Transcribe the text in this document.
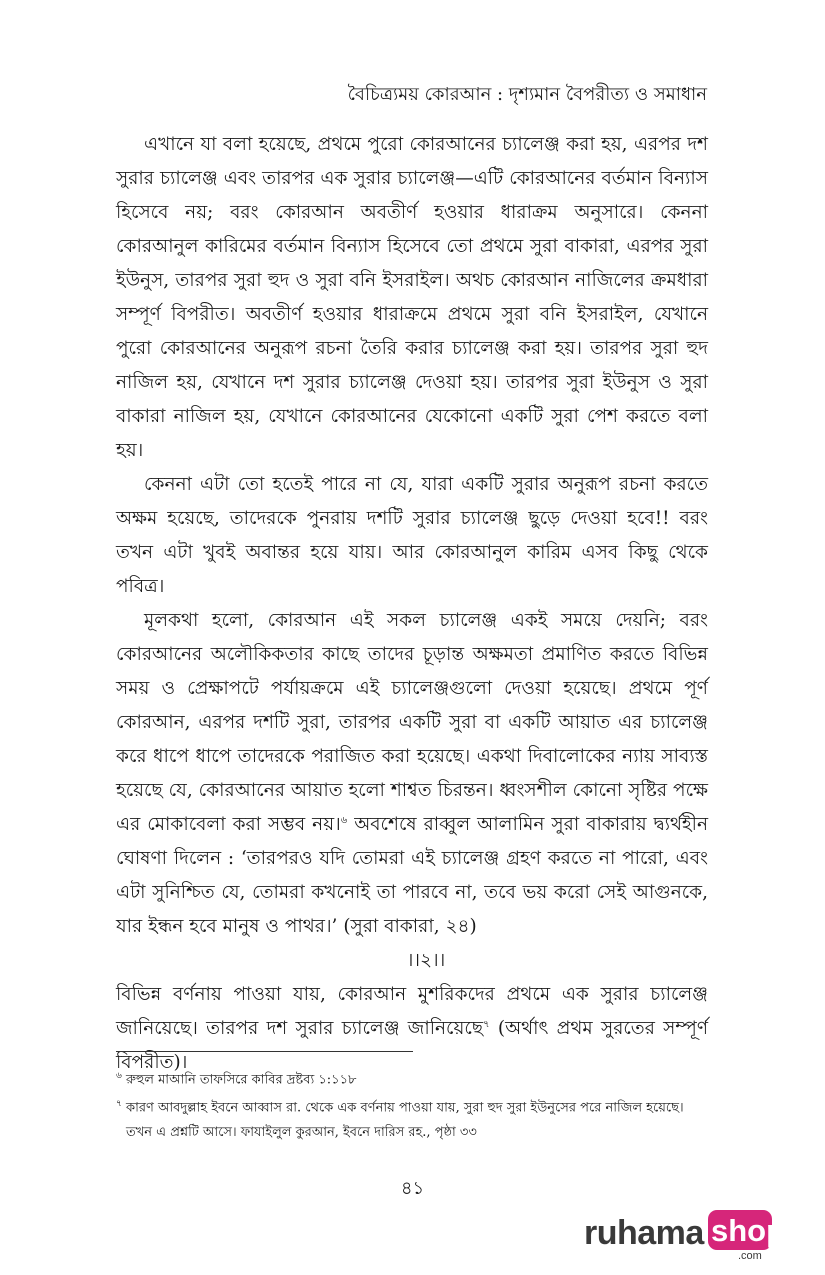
বৈচিত্র্যময় কোরআন : দৃশ্যমান বৈপরীত্য ও সমাধান

এখানে যা বলা হয়েছে, প্রথমে পুরো কোরআনের চ্যালেঞ্জ করা হয়, এরপর দশ সুরার চ্যালেঞ্জ এবং তারপর এক সুরার চ্যালেঞ্জ—এটি কোরআনের বর্তমান বিন্যাস হিসেবে নয়; বরং কোরআন অবতীর্ণ হওয়ার ধারাক্রম অনুসারে। কেননা কোরআনুল কারিমের বর্তমান বিন্যাস হিসেবে তো প্রথমে সুরা বাকারা, এরপর সুরা ইউনুস, তারপর সুরা হুদ ও সুরা বনি ইসরাইল। অথচ কোরআন নাজিলের ক্রমধারা সম্পূর্ণ বিপরীত। অবতীর্ণ হওয়ার ধারাক্রমে প্রথমে সুরা বনি ইসরাইল, যেখানে পুরো কোরআনের অনুরূপ রচনা তৈরি করার চ্যালেঞ্জ করা হয়। তারপর সুরা হুদ নাজিল হয়, যেখানে দশ সুরার চ্যালেঞ্জ দেওয়া হয়। তারপর সুরা ইউনুস ও সুরা বাকারা নাজিল হয়, যেখানে কোরআনের যেকোনো একটি সুরা পেশ করতে বলা হয়।

কেননা এটা তো হতেই পারে না যে, যারা একটি সুরার অনুরূপ রচনা করতে অক্ষম হয়েছে, তাদেরকে পুনরায় দশটি সুরার চ্যালেঞ্জ ছুড়ে দেওয়া হবে!! বরং তখন এটা খুবই অবান্তর হয়ে যায়। আর কোরআনুল কারিম এসব কিছু থেকে পবিত্র।

মূলকথা হলো, কোরআন এই সকল চ্যালেঞ্জ একই সময়ে দেয়নি; বরং কোরআনের অলৌকিকতার কাছে তাদের চূড়ান্ত অক্ষমতা প্রমাণিত করতে বিভিন্ন সময় ও প্রেক্ষাপটে পর্যায়ক্রমে এই চ্যালেঞ্জগুলো দেওয়া হয়েছে। প্রথমে পূর্ণ কোরআন, এরপর দশটি সুরা, তারপর একটি সুরা বা একটি আয়াত এর চ্যালেঞ্জ করে ধাপে ধাপে তাদেরকে পরাজিত করা হয়েছে। একথা দিবালোকের ন্যায় সাব্যস্ত হয়েছে যে, কোরআনের আয়াত হলো শাশ্বত চিরন্তন। ধ্বংসশীল কোনো সৃষ্টির পক্ষে এর মোকাবেলা করা সম্ভব নয়।$^৬$ অবশেষে রাব্বুল আলামিন সুরা বাকারায় দ্ব্যর্থহীন ঘোষণা দিলেন : ‘তারপরও যদি তোমরা এই চ্যালেঞ্জ গ্রহণ করতে না পারো, এবং এটা সুনিশ্চিত যে, তোমরা কখনোই তা পারবে না, তবে ভয় করো সেই আগুনকে, যার ইন্ধন হবে মানুষ ও পাথর।’ (সুরা বাকারা, ২৪)

।।২।।

বিভিন্ন বর্ণনায় পাওয়া যায়, কোরআন মুশরিকদের প্রথমে এক সুরার চ্যালেঞ্জ জানিয়েছে। তারপর দশ সুরার চ্যালেঞ্জ জানিয়েছে$^৭$ (অর্থাৎ প্রথম সুরতের সম্পূর্ণ বিপরীত)।

$^৬$ রুহুল মাআনি তাফসিরে কাবির দ্রষ্টব্য ১:১১৮

$^৭$ কারণ আবদুল্লাহ ইবনে আব্বাস রা. থেকে এক বর্ণনায় পাওয়া যায়, সুরা হুদ সুরা ইউনুসের পরে নাজিল হয়েছে। তখন এ প্রশ্নটি আসে। ফাযাইলুল কুরআন, ইবনে দারিস রহ., পৃষ্ঠা ৩৩

৪১
ruhama shop
.com
